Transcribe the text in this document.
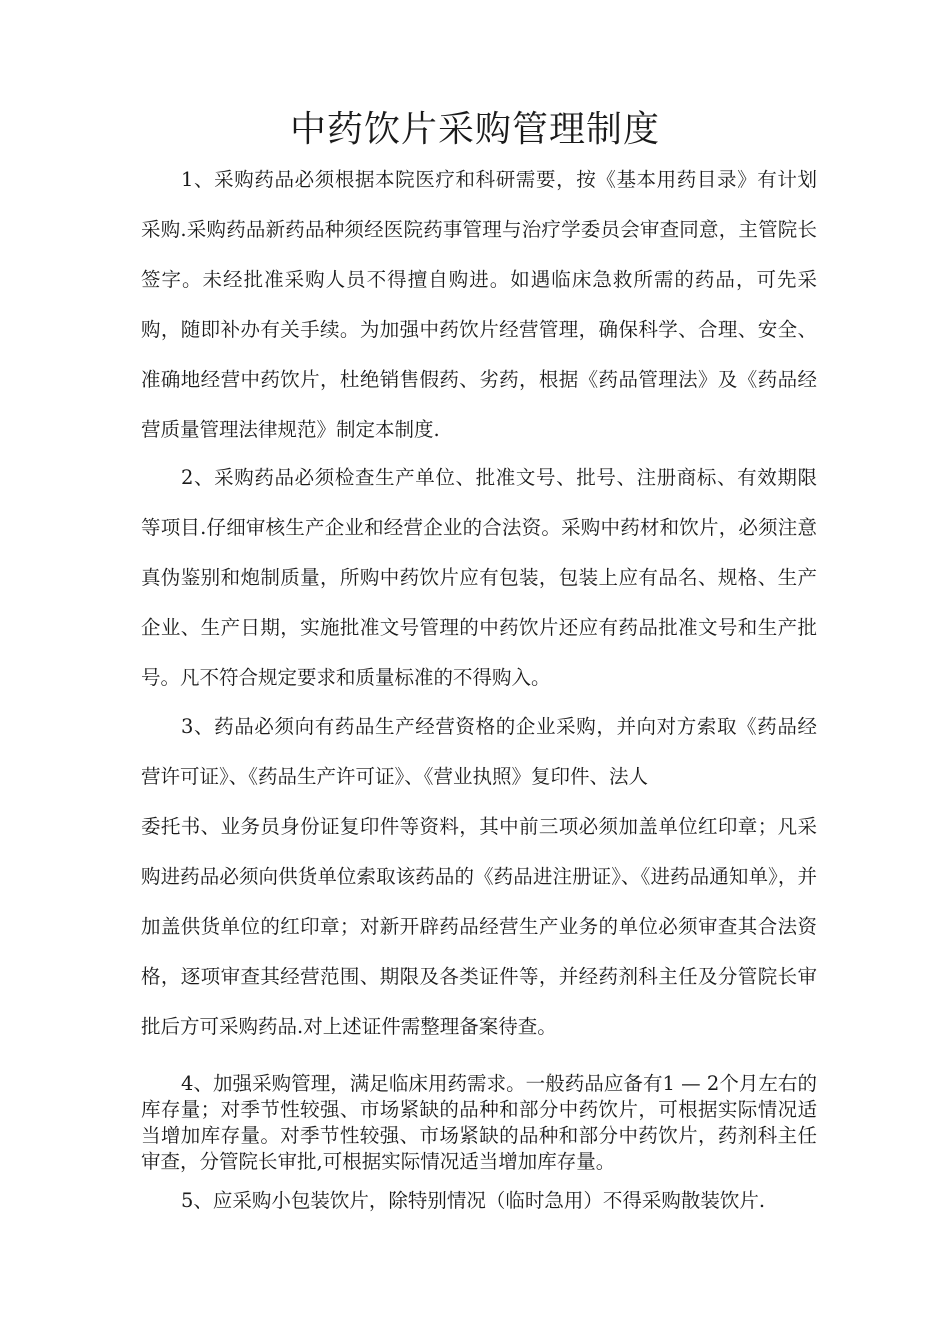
中药饮片采购管理制度

1、采购药品必须根据本院医疗和科研需要，按《基本用药目录》有计划采购.采购药品新药品种须经医院药事管理与治疗学委员会审查同意，主管院长签字。未经批准采购人员不得擅自购进。如遇临床急救所需的药品，可先采购，随即补办有关手续。为加强中药饮片经营管理，确保科学、合理、安全、准确地经营中药饮片，杜绝销售假药、劣药，根据《药品管理法》及《药品经营质量管理法律规范》制定本制度.

2、采购药品必须检查生产单位、批准文号、批号、注册商标、有效期限等项目.仔细审核生产企业和经营企业的合法资。采购中药材和饮片，必须注意真伪鉴别和炮制质量，所购中药饮片应有包装，包装上应有品名、规格、生产企业、生产日期，实施批准文号管理的中药饮片还应有药品批准文号和生产批号。凡不符合规定要求和质量标准的不得购入。

3、药品必须向有药品生产经营资格的企业采购，并向对方索取《药品经营许可证》、《药品生产许可证》、《营业执照》复印件、法人
委托书、业务员身份证复印件等资料，其中前三项必须加盖单位红印章；凡采购进药品必须向供货单位索取该药品的《药品进注册证》、《进药品通知单》，并加盖供货单位的红印章；对新开辟药品经营生产业务的单位必须审查其合法资格，逐项审查其经营范围、期限及各类证件等，并经药剂科主任及分管院长审批后方可采购药品.对上述证件需整理备案待查。

4、加强采购管理，满足临床用药需求。一般药品应备有1 — 2个月左右的库存量；对季节性较强、市场紧缺的品种和部分中药饮片，可根据实际情况适当增加库存量。对季节性较强、市场紧缺的品种和部分中药饮片，药剂科主任审查，分管院长审批,可根据实际情况适当增加库存量。

5、应采购小包装饮片，除特别情况（临时急用）不得采购散装饮片.
